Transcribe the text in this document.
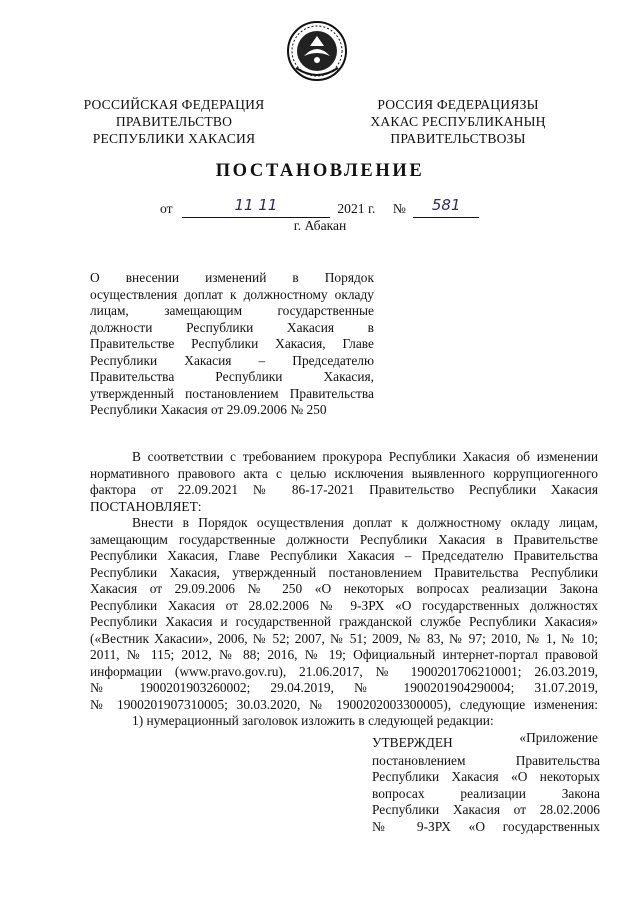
РОССИЙСКАЯ ФЕДЕРАЦИЯ
ПРАВИТЕЛЬСТВО
РЕСПУБЛИКИ ХАКАСИЯ
РОССИЯ ФЕДЕРАЦИЯЗЫ
ХАКАС РЕСПУБЛИКАНЫҢ
ПРАВИТЕЛЬСТВОЗЫ
ПОСТАНОВЛЕНИЕ
от	11 11	2021 г. № 581
г. Абакан
О внесении изменений в Порядок
осуществления доплат к должностному окладу
лицам, замещающим государственные
должности Республики Хакасия в
Правительстве Республики Хакасия, Главе
Республики Хакасия – Председателю
Правительства Республики Хакасия,
утвержденный постановлением Правительства
Республики Хакасия от 29.09.2006 № 250
В соответствии с требованием прокурора Республики Хакасия об изменении
нормативного правового акта с целью исключения выявленного коррупциогенного
фактора от 22.09.2021 № 86-17-2021 Правительство Республики Хакасия
ПОСТАНОВЛЯЕТ:
Внести в Порядок осуществления доплат к должностному окладу лицам,
замещающим государственные должности Республики Хакасия в Правительстве
Республики Хакасия, Главе Республики Хакасия – Председателю Правительства
Республики Хакасия, утвержденный постановлением Правительства Республики
Хакасия от 29.09.2006 № 250 «О некоторых вопросах реализации Закона
Республики Хакасия от 28.02.2006 № 9-ЗРХ «О государственных должностях
Республики Хакасия и государственной гражданской службе Республики Хакасия»
(«Вестник Хакасии», 2006, № 52; 2007, № 51; 2009, № 83, № 97; 2010, № 1, № 10;
2011, № 115; 2012, № 88; 2016, № 19; Официальный интернет-портал правовой
информации (www.pravo.gov.ru), 21.06.2017, № 1900201706210001; 26.03.2019,
№ 1900201903260002; 29.04.2019, № 1900201904290004; 31.07.2019,
№ 1900201907310005; 30.03.2020, № 1900202003300005), следующие изменения:
1) нумерационный заголовок изложить в следующей редакции:
«Приложение
УТВЕРЖДЕН
постановлением Правительства
Республики Хакасия «О некоторых
вопросах реализации Закона
Республики Хакасия от 28.02.2006
№ 9-ЗРХ «О государственных
